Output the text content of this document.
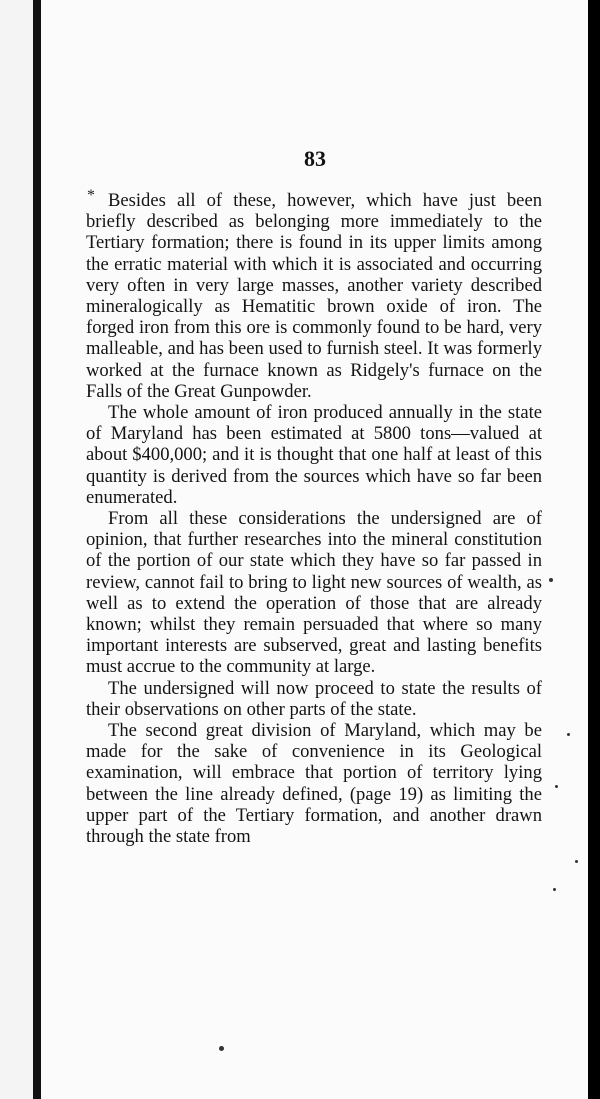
83
* Besides all of these, however, which have just been briefly described as belonging more immediately to the Tertiary formation; there is found in its upper limits among the erratic material with which it is associated and occurring very often in very large masses, another variety described mineralogically as Hematitic brown oxide of iron. The forged iron from this ore is commonly found to be hard, very malleable, and has been used to furnish steel. It was formerly worked at the furnace known as Ridgely's furnace on the Falls of the Great Gunpowder.

The whole amount of iron produced annually in the state of Maryland has been estimated at 5800 tons—valued at about $400,000; and it is thought that one half at least of this quantity is derived from the sources which have so far been enumerated.

From all these considerations the undersigned are of opinion, that further researches into the mineral constitution of the portion of our state which they have so far passed in review, cannot fail to bring to light new sources of wealth, as well as to extend the operation of those that are already known; whilst they remain persuaded that where so many important interests are subserved, great and lasting benefits must accrue to the community at large.

The undersigned will now proceed to state the results of their observations on other parts of the state.

The second great division of Maryland, which may be made for the sake of convenience in its Geological examination, will embrace that portion of territory lying between the line already defined, (page 19) as limiting the upper part of the Tertiary formation, and another drawn through the state from
